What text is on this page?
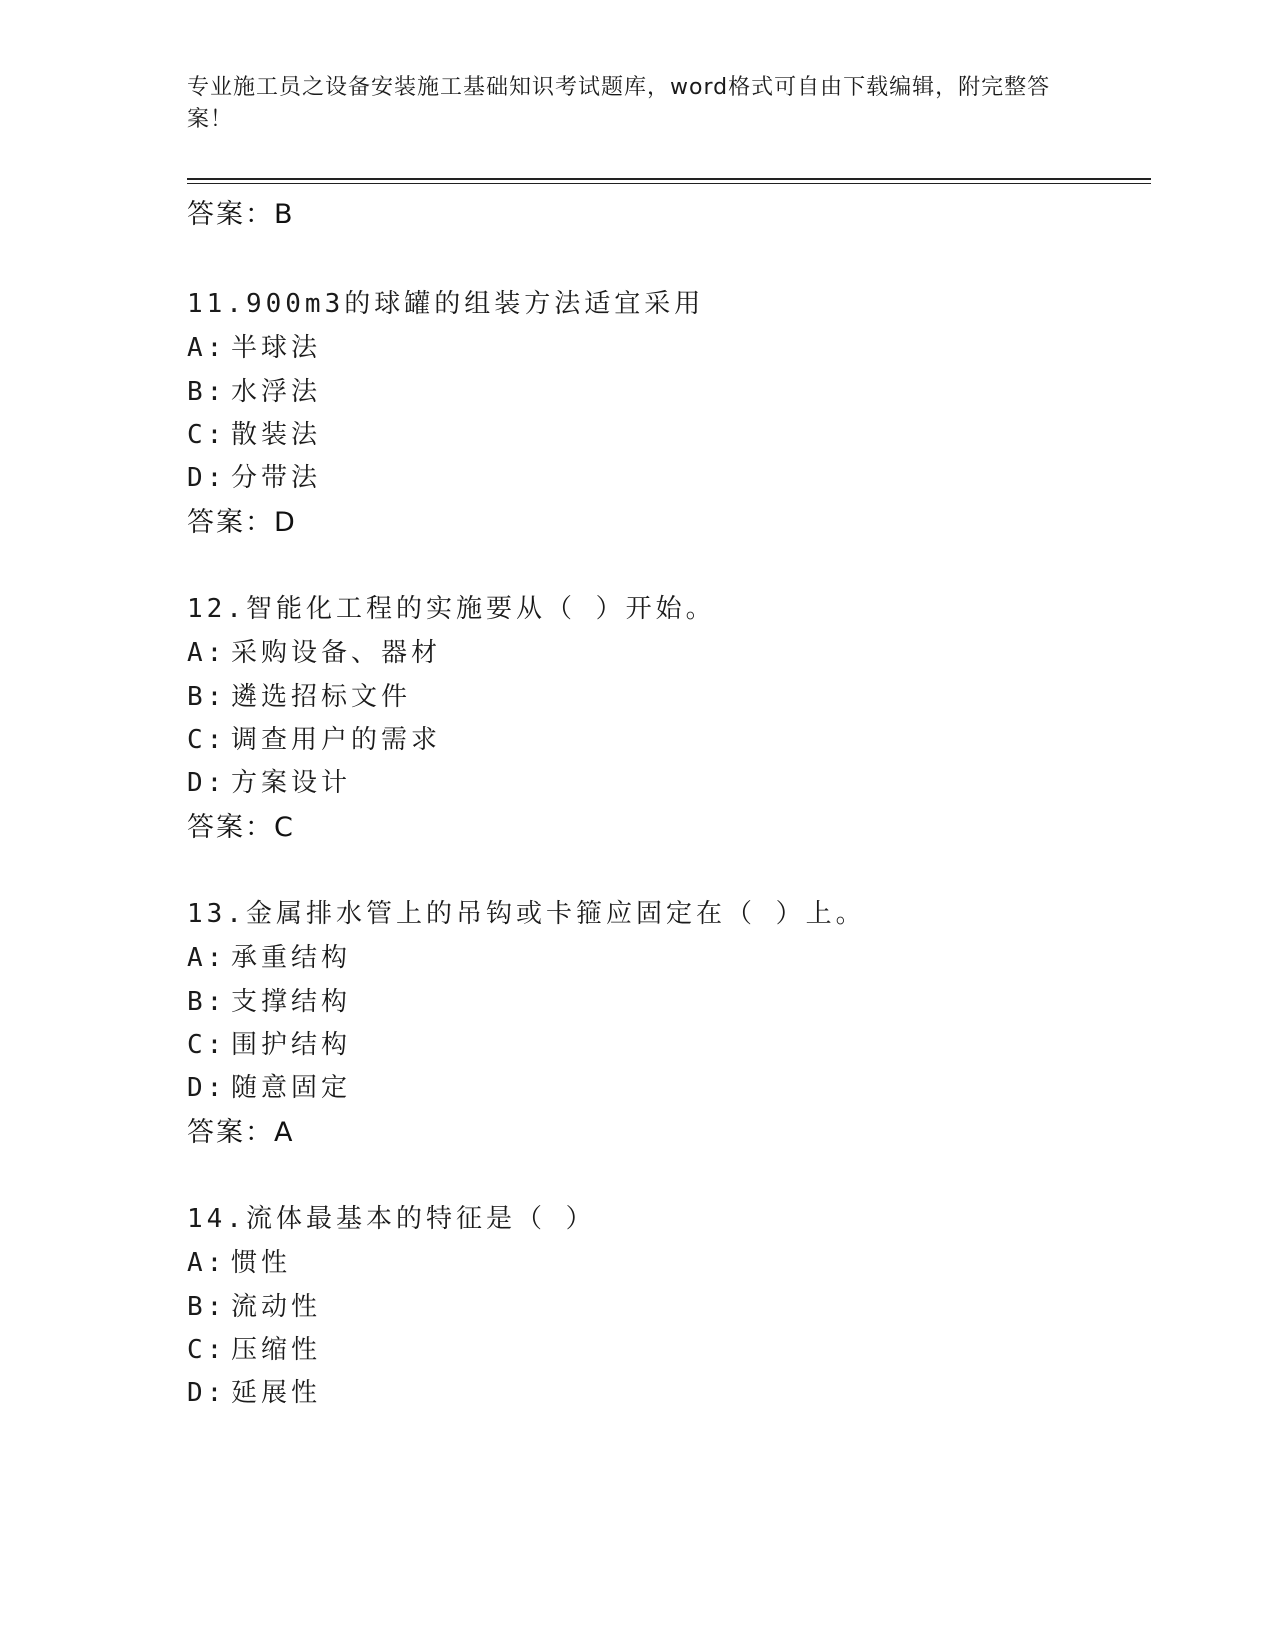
专业施工员之设备安装施工基础知识考试题库，word格式可自由下载编辑，附完整答案！
答案：B
11.900m3的球罐的组装方法适宜采用
A: 半球法
B: 水浮法
C: 散装法
D: 分带法
答案：D
12.智能化工程的实施要从（ ）开始。
A: 采购设备、器材
B: 遴选招标文件
C: 调查用户的需求
D: 方案设计
答案：C
13.金属排水管上的吊钩或卡箍应固定在（ ）上。
A: 承重结构
B: 支撑结构
C: 围护结构
D: 随意固定
答案：A
14.流体最基本的特征是（ ）
A: 惯性
B: 流动性
C: 压缩性
D: 延展性
